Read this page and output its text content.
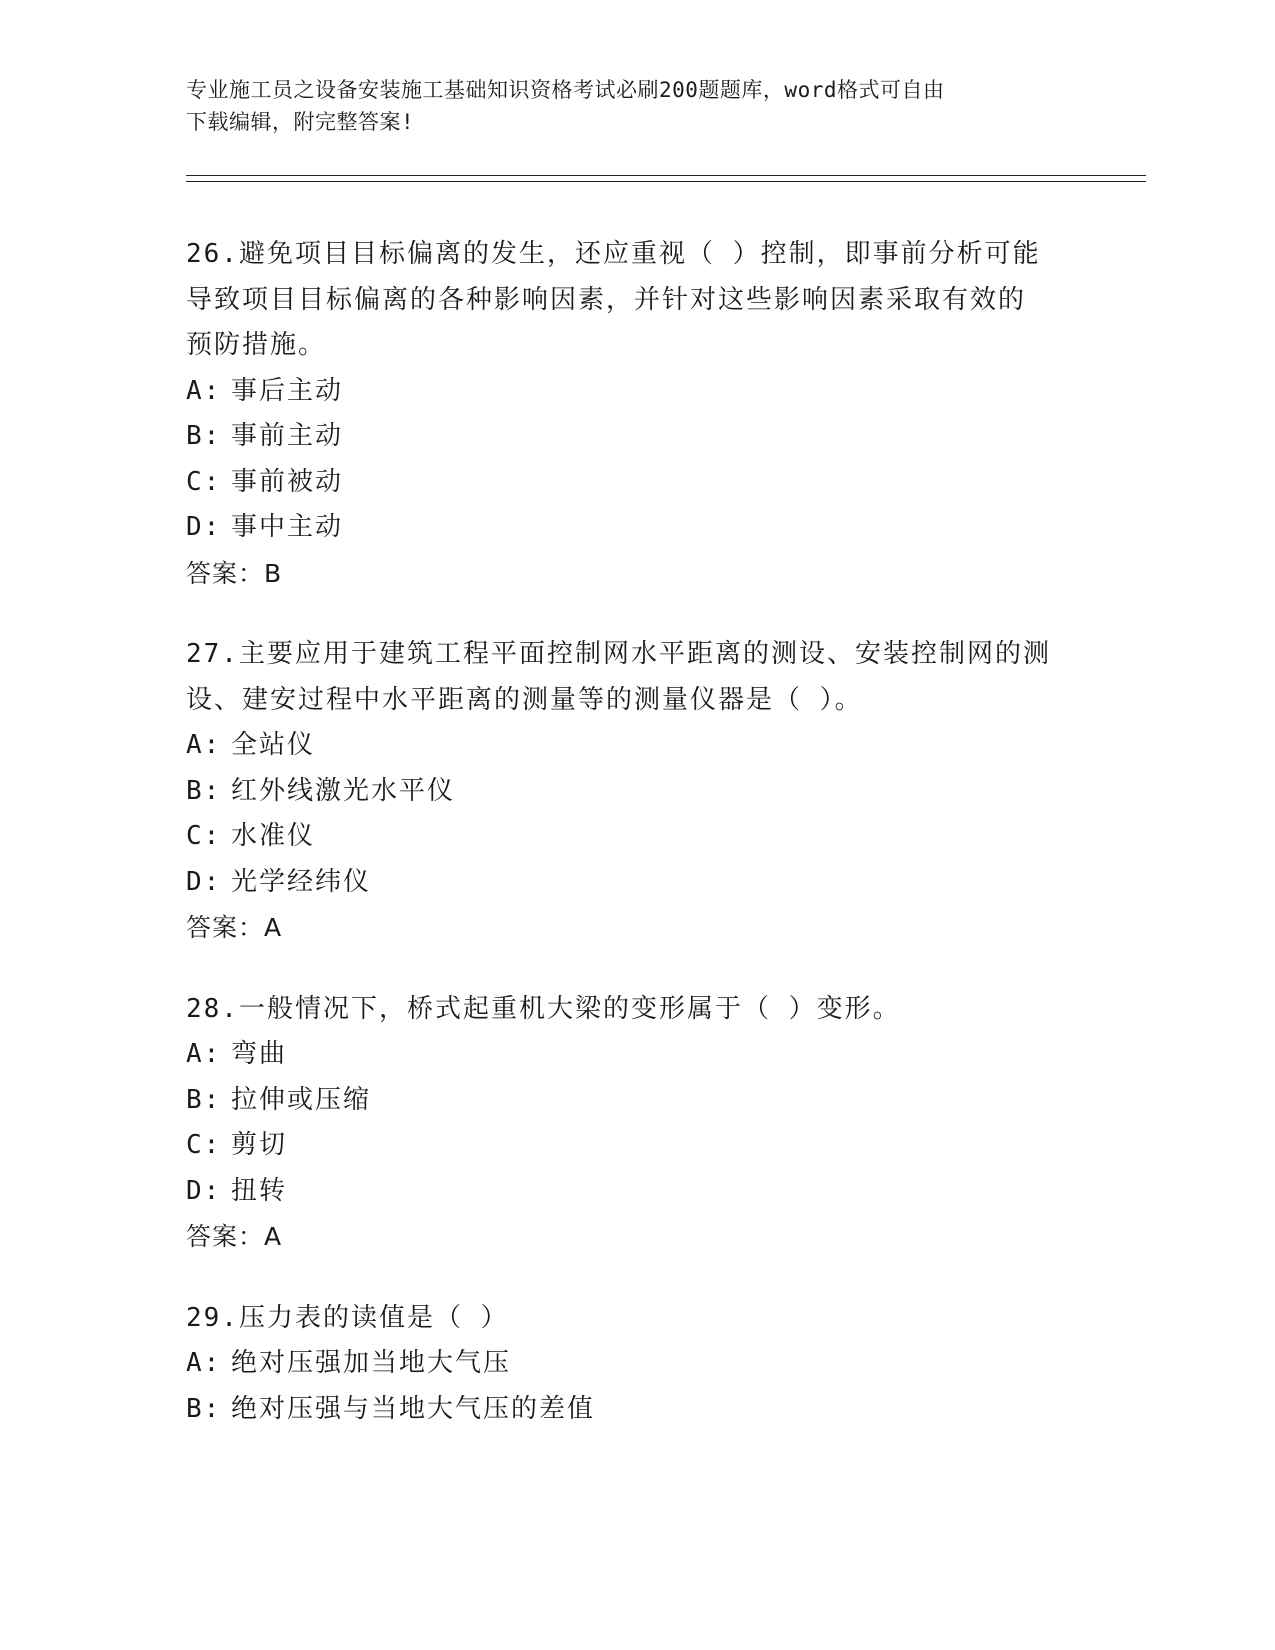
专业施工员之设备安装施工基础知识资格考试必刷200题题库，word格式可自由
下载编辑，附完整答案!
26.避免项目目标偏离的发生，还应重视（ ）控制，即事前分析可能
导致项目目标偏离的各种影响因素，并针对这些影响因素采取有效的
预防措施。
A: 事后主动
B: 事前主动
C: 事前被动
D: 事中主动
答案：B
27.主要应用于建筑工程平面控制网水平距离的测设、安装控制网的测
设、建安过程中水平距离的测量等的测量仪器是（ ）。
A: 全站仪
B: 红外线激光水平仪
C: 水准仪
D: 光学经纬仪
答案：A
28.一般情况下，桥式起重机大梁的变形属于（ ）变形。
A: 弯曲
B: 拉伸或压缩
C: 剪切
D: 扭转
答案：A
29.压力表的读值是（ ）
A: 绝对压强加当地大气压
B: 绝对压强与当地大气压的差值
